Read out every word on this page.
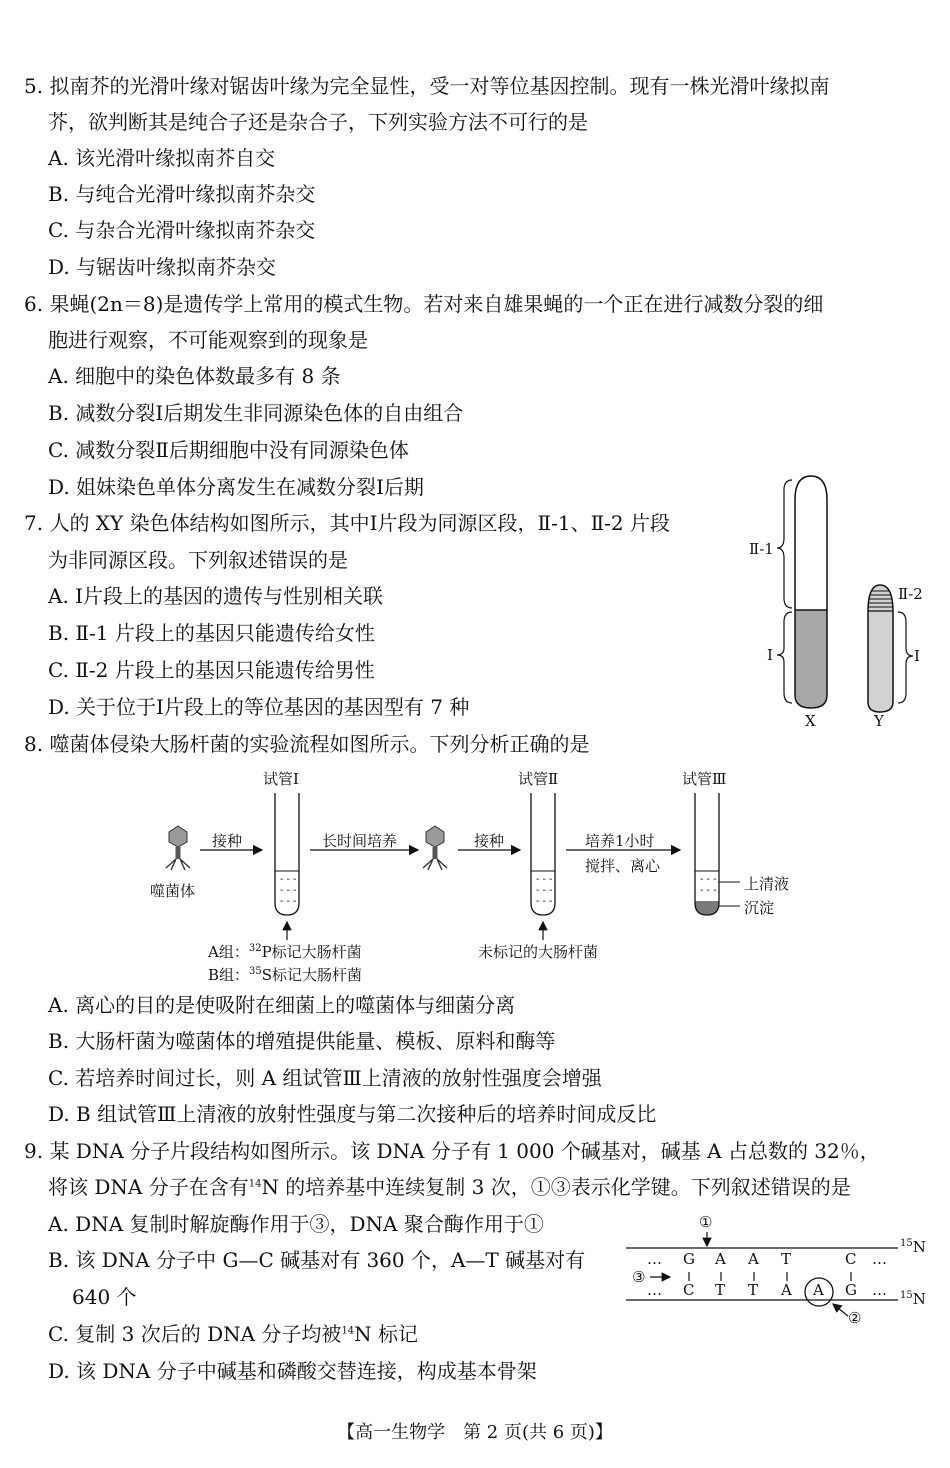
5. 拟南芥的光滑叶缘对锯齿叶缘为完全显性，受一对等位基因控制。现有一株光滑叶缘拟南
芥，欲判断其是纯合子还是杂合子，下列实验方法不可行的是
A. 该光滑叶缘拟南芥自交
B. 与纯合光滑叶缘拟南芥杂交
C. 与杂合光滑叶缘拟南芥杂交
D. 与锯齿叶缘拟南芥杂交
6. 果蝇(2n＝8)是遗传学上常用的模式生物。若对来自雄果蝇的一个正在进行减数分裂的细
胞进行观察，不可能观察到的现象是
A. 细胞中的染色体数最多有 8 条
B. 减数分裂Ⅰ后期发生非同源染色体的自由组合
C. 减数分裂Ⅱ后期细胞中没有同源染色体
D. 姐妹染色单体分离发生在减数分裂Ⅰ后期
7. 人的 XY 染色体结构如图所示，其中Ⅰ片段为同源区段，Ⅱ-1、Ⅱ-2 片段
为非同源区段。下列叙述错误的是
A. Ⅰ片段上的基因的遗传与性别相关联
B. Ⅱ-1 片段上的基因只能遗传给女性
C. Ⅱ-2 片段上的基因只能遗传给男性
D. 关于位于Ⅰ片段上的等位基因的基因型有 7 种
Ⅱ-1
Ⅰ
Ⅱ-2
Ⅰ
X	Y
8. 噬菌体侵染大肠杆菌的实验流程如图所示。下列分析正确的是
- - -
- - -
- - -
- - -
- - -
- - -
- - -
- - -
试管Ⅰ	试管Ⅱ	试管Ⅲ
噬菌体
接种	长时间培养	接种	培养1小时
搅拌、离心
A组：$^{32}$P标记大肠杆菌
B组：$^{35}$S标记大肠杆菌
未标记的大肠杆菌
上清液
沉淀
A. 离心的目的是使吸附在细菌上的噬菌体与细菌分离
B. 大肠杆菌为噬菌体的增殖提供能量、模板、原料和酶等
C. 若培养时间过长，则 A 组试管Ⅲ上清液的放射性强度会增强
D. B 组试管Ⅲ上清液的放射性强度与第二次接种后的培养时间成反比
9. 某 DNA 分子片段结构如图所示。该 DNA 分子有 1 000 个碱基对，碱基 A 占总数的 32％，
将该 DNA 分子在含有$^{14}$N 的培养基中连续复制 3 次，①③表示化学键。下列叙述错误的是
A. DNA 复制时解旋酶作用于③，DNA 聚合酶作用于①
B. 该 DNA 分子中 G—C 碱基对有 360 个，A—T 碱基对有
640 个
C. 复制 3 次后的 DNA 分子均被$^{14}$N 标记
D. 该 DNA 分子中碱基和磷酸交替连接，构成基本骨架
… G A A T	C …
… C T T A A G …
①
③
②
$^{15}$N
$^{15}$N
【高一生物学　第 2 页(共 6 页)】
